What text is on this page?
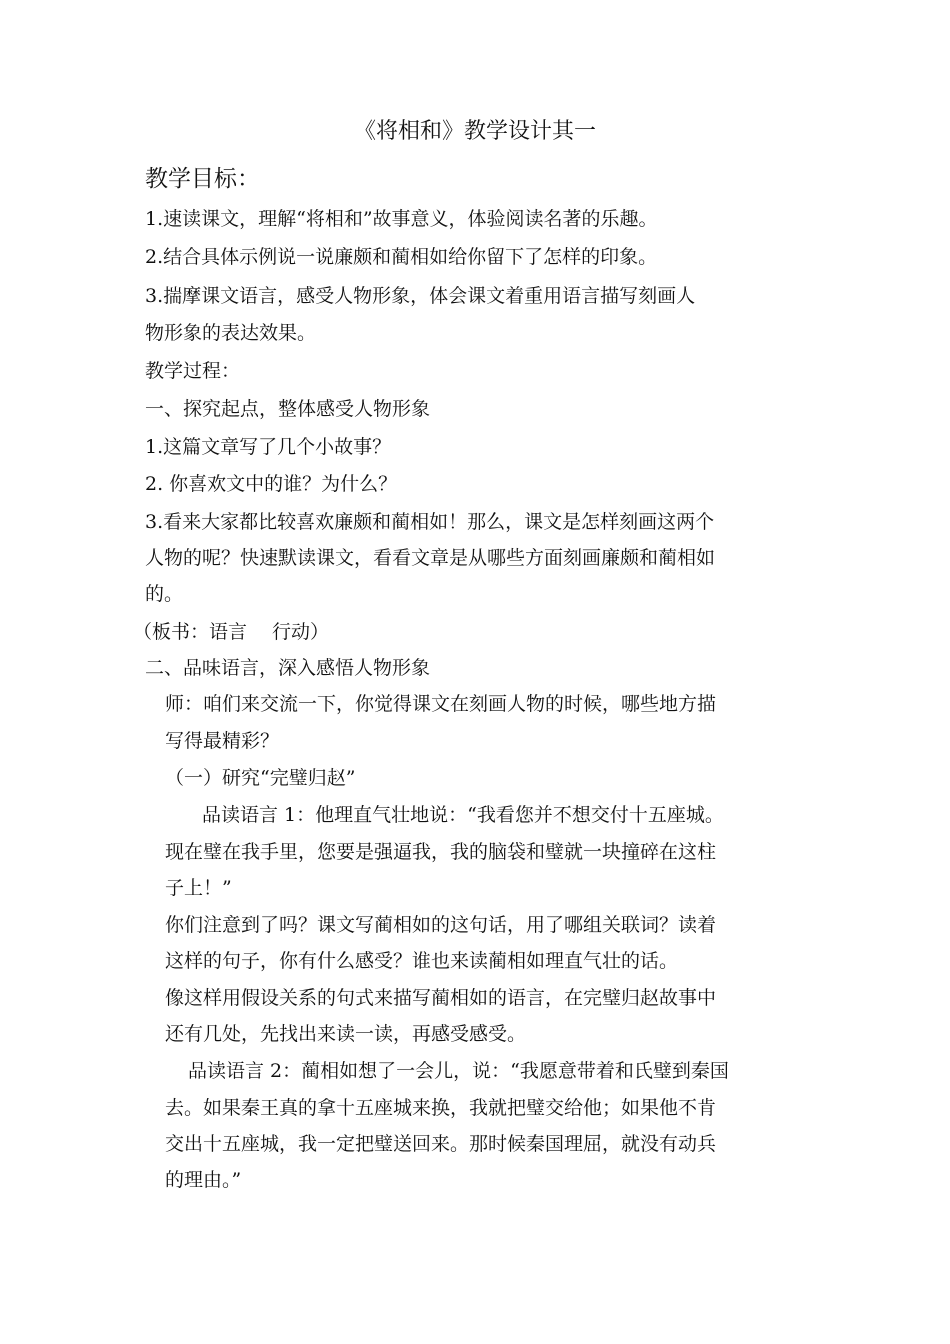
《将相和》教学设计其一
教学目标：
1.速读课文，理解“将相和”故事意义，体验阅读名著的乐趣。
2.结合具体示例说一说廉颇和蔺相如给你留下了怎样的印象。
3.揣摩课文语言，感受人物形象，体会课文着重用语言描写刻画人
物形象的表达效果。
教学过程：
一、探究起点，整体感受人物形象
1.这篇文章写了几个小故事？
2. 你喜欢文中的谁？为什么？
3.看来大家都比较喜欢廉颇和蔺相如！那么，课文是怎样刻画这两个
人物的呢？快速默读课文，看看文章是从哪些方面刻画廉颇和蔺相如
的。
（板书：语言　 行动）
二、品味语言，深入感悟人物形象
师：咱们来交流一下，你觉得课文在刻画人物的时候，哪些地方描
写得最精彩？
（一）研究“完璧归赵”
品读语言 1：他理直气壮地说：“我看您并不想交付十五座城。
现在璧在我手里，您要是强逼我，我的脑袋和璧就一块撞碎在这柱
子上！”
你们注意到了吗？课文写蔺相如的这句话，用了哪组关联词？读着
这样的句子，你有什么感受？谁也来读蔺相如理直气壮的话。
像这样用假设关系的句式来描写蔺相如的语言，在完璧归赵故事中
还有几处，先找出来读一读，再感受感受。
品读语言 2：蔺相如想了一会儿，说：“我愿意带着和氏璧到秦国
去。如果秦王真的拿十五座城来换，我就把璧交给他；如果他不肯
交出十五座城，我一定把璧送回来。那时候秦国理屈，就没有动兵
的理由。”
